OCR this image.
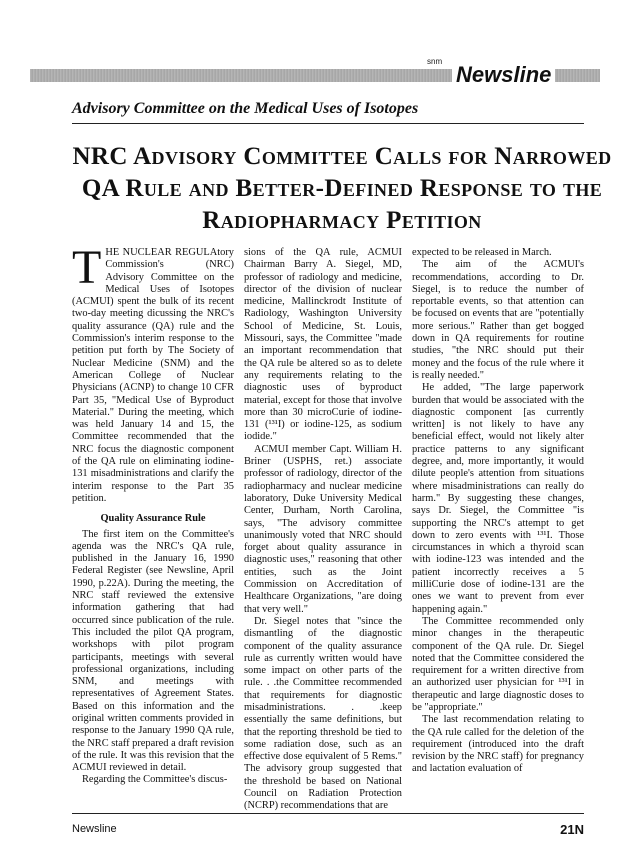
snm
Newsline
Advisory Committee on the Medical Uses of Isotopes
NRC Advisory Committee Calls for Narrowed QA Rule and Better-Defined Response to the Radiopharmacy Petition

THE NUCLEAR REGULAtory Commission's (NRC) Advisory Committee on the Medical Uses of Isotopes (ACMUI) spent the bulk of its recent two-day meeting dicussing the NRC's quality assurance (QA) rule and the Commission's interim response to the petition put forth by The Society of Nuclear Medicine (SNM) and the American College of Nuclear Physicians (ACNP) to change 10 CFR Part 35, "Medical Use of Byproduct Material." During the meeting, which was held January 14 and 15, the Committee recommended that the NRC focus the diagnostic component of the QA rule on eliminating iodine-131 misadministrations and clarify the interim response to the Part 35 petition.

Quality Assurance Rule

The first item on the Committee's agenda was the NRC's QA rule, published in the January 16, 1990 Federal Register (see Newsline, April 1990, p.22A). During the meeting, the NRC staff reviewed the extensive information gathering that had occurred since publication of the rule. This included the pilot QA program, workshops with pilot program participants, meetings with several professional organizations, including SNM, and meetings with representatives of Agreement States. Based on this information and the original written comments provided in response to the January 1990 QA rule, the NRC staff prepared a draft revision of the rule. It was this revision that the ACMUI reviewed in detail.

Regarding the Committee's discus-

sions of the QA rule, ACMUI Chairman Barry A. Siegel, MD, professor of radiology and medicine, director of the division of nuclear medicine, Mallinckrodt Institute of Radiology, Washington University School of Medicine, St. Louis, Missouri, says, the Committee "made an important recommendation that the QA rule be altered so as to delete any requirements relating to the diagnostic uses of byproduct material, except for those that involve more than 30 microCurie of iodine-131 (¹³¹I) or iodine-125, as sodium iodide."

ACMUI member Capt. William H. Briner (USPHS, ret.) associate professor of radiology, director of the radiopharmacy and nuclear medicine laboratory, Duke University Medical Center, Durham, North Carolina, says, "The advisory committee unanimously voted that NRC should forget about quality assurance in diagnostic uses," reasoning that other entities, such as the Joint Commission on Accreditation of Healthcare Organizations, "are doing that very well."

Dr. Siegel notes that "since the dismantling of the diagnostic component of the quality assurance rule as currently written would have some impact on other parts of the rule. . .the Committee recommended that requirements for diagnostic misadministrations. . .keep essentially the same definitions, but that the reporting threshold be tied to some radiation dose, such as an effective dose equivalent of 5 Rems." The advisory group suggested that the threshold be based on National Council on Radiation Protection (NCRP) recommendations that are

expected to be released in March.

The aim of the ACMUI's recommendations, according to Dr. Siegel, is to reduce the number of reportable events, so that attention can be focused on events that are "potentially more serious." Rather than get bogged down in QA requirements for routine studies, "the NRC should put their money and the focus of the rule where it is really needed."

He added, "The large paperwork burden that would be associated with the diagnostic component [as currently written] is not likely to have any beneficial effect, would not likely alter practice patterns to any significant degree, and, more importantly, it would dilute people's attention from situations where misadministrations can really do harm." By suggesting these changes, says Dr. Siegel, the Committee "is supporting the NRC's attempt to get down to zero events with ¹³¹I. Those circumstances in which a thyroid scan with iodine-123 was intended and the patient incorrectly receives a 5 milliCurie dose of iodine-131 are the ones we want to prevent from ever happening again."

The Committee recommended only minor changes in the therapeutic component of the QA rule. Dr. Siegel noted that the Committee considered the requirement for a written directive from an authorized user physician for ¹³¹I in therapeutic and large diagnostic doses to be "appropriate."

The last recommendation relating to the QA rule called for the deletion of the requirement (introduced into the draft revision by the NRC staff) for pregnancy and lactation evaluation of

Newsline	21N
